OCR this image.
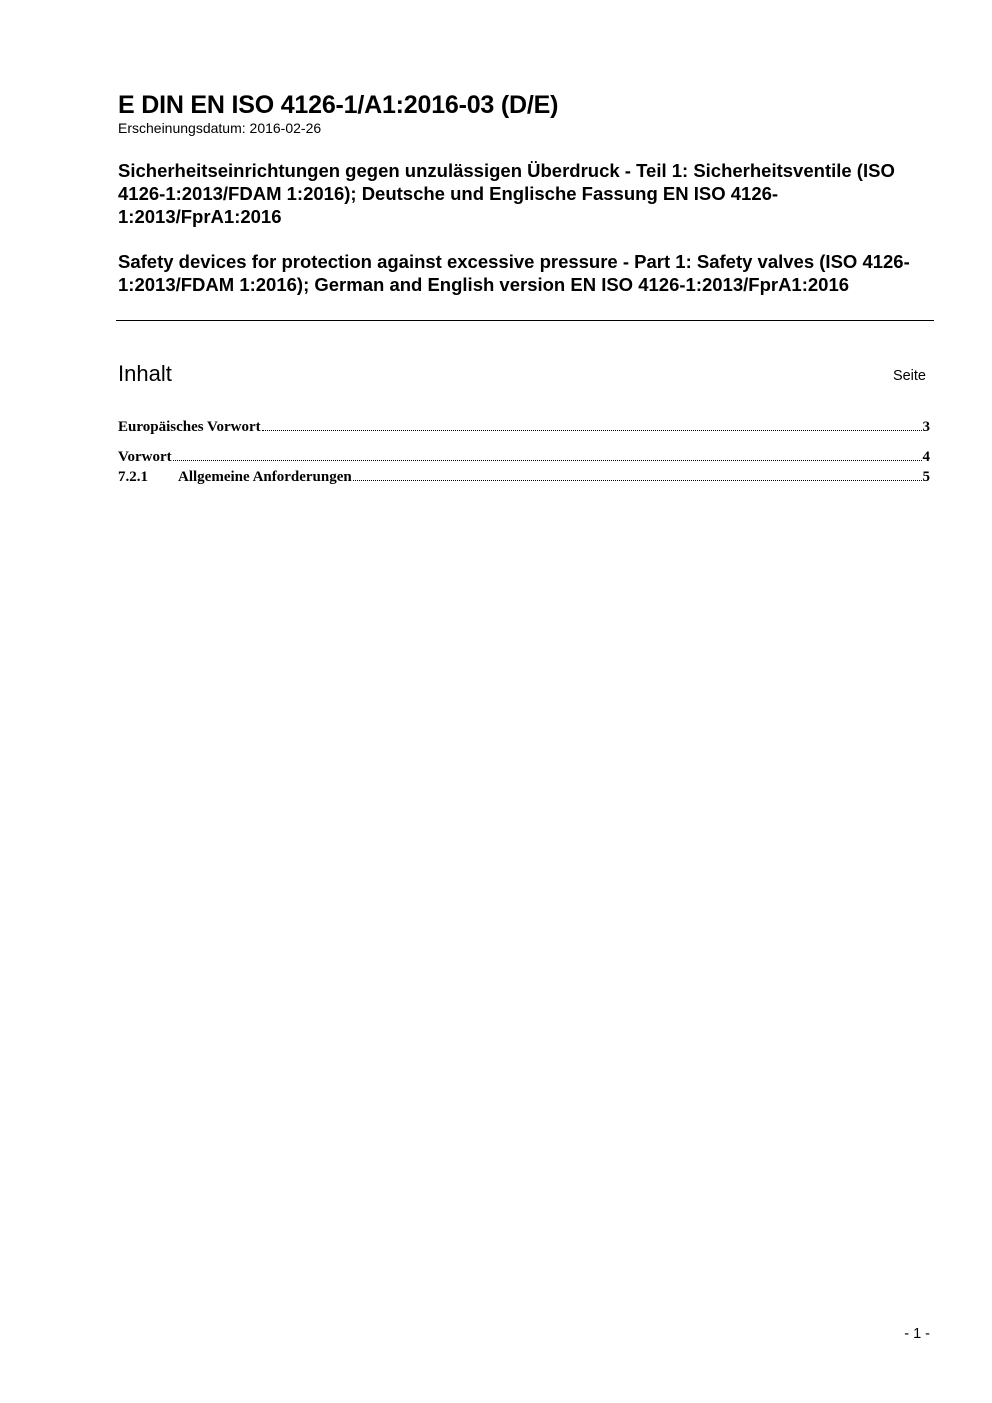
E DIN EN ISO 4126-1/A1:2016-03 (D/E)

Erscheinungsdatum: 2016-02-26

Sicherheitseinrichtungen gegen unzulässigen Überdruck - Teil 1: Sicherheitsventile (ISO 4126-1:2013/FDAM 1:2016); Deutsche und Englische Fassung EN ISO 4126-1:2013/FprA1:2016
Safety devices for protection against excessive pressure - Part 1: Safety valves (ISO 4126-1:2013/FDAM 1:2016); German and English version EN ISO 4126-1:2013/FprA1:2016
Inhalt	Seite
Europäisches Vorwort	3
Vorwort	4
7.2.1	Allgemeine Anforderungen	5
- 1 -
